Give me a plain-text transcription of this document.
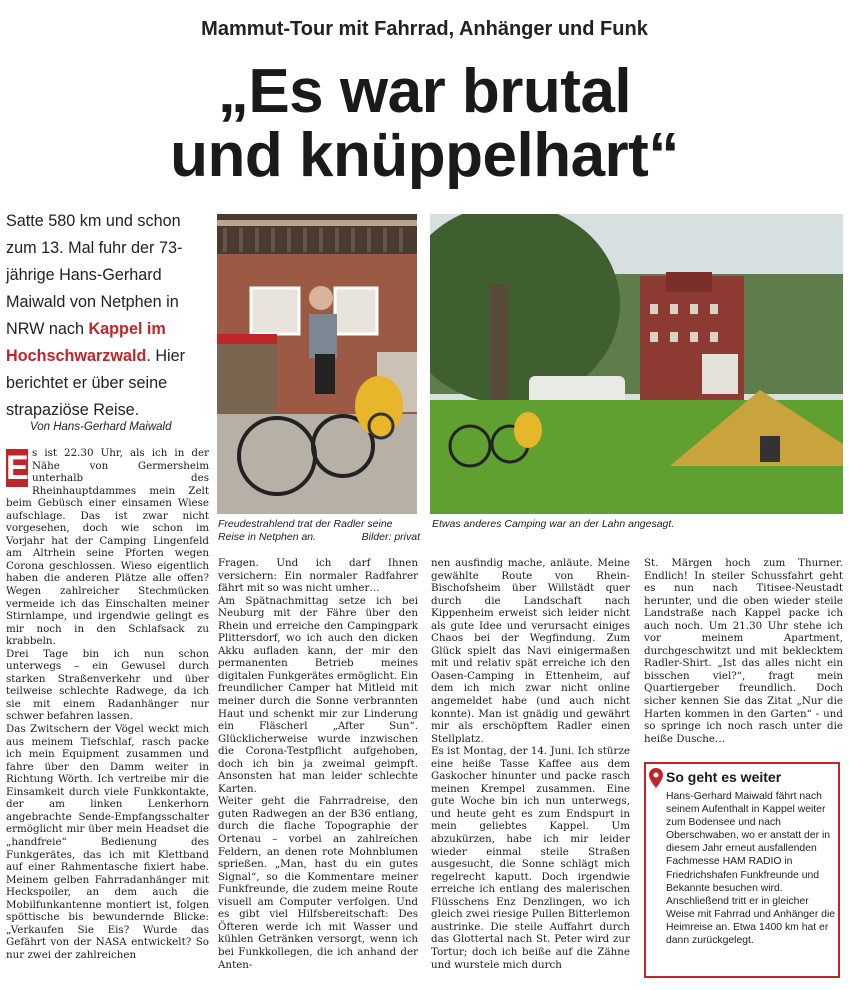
Mammut-Tour mit Fahrrad, Anhänger und Funk
„Es war brutal
und knüppelhart“
Satte 580 km und schon zum 13. Mal fuhr der 73-jährige Hans-Gerhard Maiwald von Netphen in NRW nach Kappel im Hochschwarzwald. Hier berichtet er über seine strapaziöse Reise.
Von Hans-Gerhard Maiwald
Freudestrahlend trat der Radler seine Reise in Netphen an.	Bilder: privat
Etwas anderes Camping war an der Lahn angesagt.

E s ist 22.30 Uhr, als ich in der Nähe von Germersheim unterhalb des Rheinhauptdammes mein Zelt beim Gebüsch einer einsamen Wiese aufschlage. Das ist zwar nicht vorgesehen, doch wie schon im Vorjahr hat der Camping Lingenfeld am Altrhein seine Pforten wegen Corona geschlossen. Wieso eigentlich haben die anderen Plätze alle offen? Wegen zahlreicher Stechmücken vermeide ich das Einschalten meiner Stirnlampe, und irgendwie gelingt es mir noch in den Schlafsack zu krabbeln.

Drei Tage bin ich nun schon unterwegs – ein Gewusel durch starken Straßenverkehr und über teilweise schlechte Radwege, da ich sie mit einem Radanhänger nur schwer befahren lassen.

Das Zwitschern der Vögel weckt mich aus meinem Tiefschlaf, rasch packe ich mein Equipment zusammen und fahre über den Damm weiter in Richtung Wörth. Ich vertreibe mir die Einsamkeit durch viele Funkkontakte, der am linken Lenkerhorn angebrachte Sende-Empfangsschalter ermöglicht mir über mein Headset die „handfreie“ Bedienung des Funkgerätes, das ich mit Klettband auf einer Rahmentasche fixiert habe. Meinem gelben Fahrradanhänger mit Heckspoiler, an dem auch die Mobilfunkantenne montiert ist, folgen spöttische bis bewundernde Blicke: „Verkaufen Sie Eis? Wurde das Gefährt von der NASA entwickelt? So nur zwei der zahlreichen

Fragen. Und ich darf Ihnen versichern: Ein normaler Radfahrer fährt mit so was nicht umher…

Am Spätnachmittag setze ich bei Neuburg mit der Fähre über den Rhein und erreiche den Campingpark Plittersdorf, wo ich auch den dicken Akku aufladen kann, der mir den permanenten Betrieb meines digitalen Funkgerätes ermöglicht. Ein freundlicher Camper hat Mitleid mit meiner durch die Sonne verbrannten Haut und schenkt mir zur Linderung ein Fläscherl „After Sun“. Glücklicherweise wurde inzwischen die Corona-Testpflicht aufgehoben, doch ich bin ja zweimal geimpft. Ansonsten hat man leider schlechte Karten.

Weiter geht die Fahrradreise, den guten Radwegen an der B36 entlang, durch die flache Topographie der Ortenau – vorbei an zahlreichen Feldern, an denen rote Mohnblumen sprießen. „Man, hast du ein gutes Signal“, so die Kommentare meiner Funkfreunde, die zudem meine Route visuell am Computer verfolgen. Und es gibt viel Hilfsbereitschaft: Des Öfteren werde ich mit Wasser und kühlen Getränken versorgt, wenn ich bei Funkkollegen, die ich anhand der Anten-

nen ausfindig mache, anläute. Meine gewählte Route von Rhein-Bischofsheim über Willstädt quer durch die Landschaft nach Kippenheim erweist sich leider nicht als gute Idee und verursacht einiges Chaos bei der Wegfindung. Zum Glück spielt das Navi einigermaßen mit und relativ spät erreiche ich den Oasen-Camping in Ettenheim, auf dem ich mich zwar nicht online angemeldet habe (und auch nicht konnte). Man ist gnädig und gewährt mir als erschöpftem Radler einen Stellplatz.

Es ist Montag, der 14. Juni. Ich stürze eine heiße Tasse Kaffee aus dem Gaskocher hinunter und packe rasch meinen Krempel zusammen. Eine gute Woche bin ich nun unterwegs, und heute geht es zum Endspurt in mein geliebtes Kappel. Um abzukürzen, habe ich mir leider wieder einmal steile Straßen ausgesucht, die Sonne schlägt mich regelrecht kaputt. Doch irgendwie erreiche ich entlang des malerischen Flüsschens Enz Denzlingen, wo ich gleich zwei riesige Pullen Bitterlemon austrinke. Die steile Auffahrt durch das Glottertal nach St. Peter wird zur Tortur; doch ich beiße auf die Zähne und wurstele mich durch

St. Märgen hoch zum Thurner. Endlich! In steiler Schussfahrt geht es nun nach Titisee-Neustadt herunter, und die oben wieder steile Landstraße nach Kappel packe ich auch noch. Um 21.30 Uhr stehe ich vor meinem Apartment, durchgeschwitzt und mit beklecktem Radler-Shirt. „Ist das alles nicht ein bisschen viel?“, fragt mein Quartiergeber freundlich. Doch sicher kennen Sie das Zitat „Nur die Harten kommen in den Garten“ - und so springe ich noch rasch unter die heiße Dusche…

So geht es weiter
Hans-Gerhard Maiwald fährt nach seinem Aufenthalt in Kappel weiter zum Bodensee und nach Oberschwaben, wo er anstatt der in diesem Jahr erneut ausfallenden Fachmesse HAM RADIO in Friedrichshafen Funkfreunde und Bekannte besuchen wird. Anschließend tritt er in gleicher Weise mit Fahrrad und Anhänger die Heimreise an. Etwa 1400 km hat er dann zurückgelegt.
